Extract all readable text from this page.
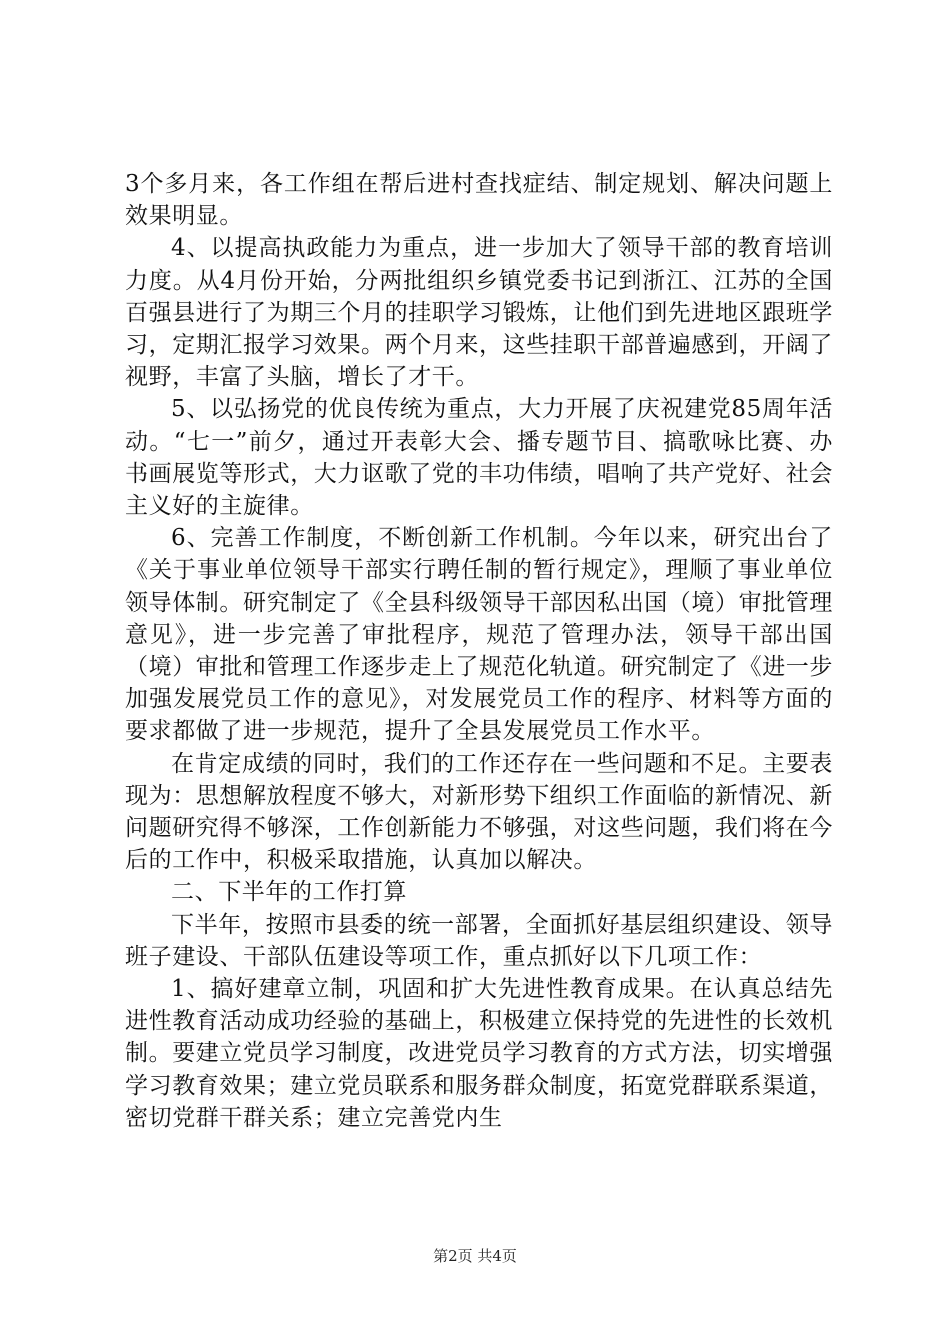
3个多月来，各工作组在帮后进村查找症结、制定规划、解决问题上效果明显。

4、以提高执政能力为重点，进一步加大了领导干部的教育培训力度。从4月份开始，分两批组织乡镇党委书记到浙江、江苏的全国百强县进行了为期三个月的挂职学习锻炼，让他们到先进地区跟班学习，定期汇报学习效果。两个月来，这些挂职干部普遍感到，开阔了视野，丰富了头脑，增长了才干。

5、以弘扬党的优良传统为重点，大力开展了庆祝建党85周年活动。“七一”前夕，通过开表彰大会、播专题节目、搞歌咏比赛、办书画展览等形式，大力讴歌了党的丰功伟绩，唱响了共产党好、社会主义好的主旋律。

6、完善工作制度，不断创新工作机制。今年以来，研究出台了《关于事业单位领导干部实行聘任制的暂行规定》，理顺了事业单位领导体制。研究制定了《全县科级领导干部因私出国（境）审批管理意见》，进一步完善了审批程序，规范了管理办法，领导干部出国（境）审批和管理工作逐步走上了规范化轨道。研究制定了《进一步加强发展党员工作的意见》，对发展党员工作的程序、材料等方面的要求都做了进一步规范，提升了全县发展党员工作水平。

在肯定成绩的同时，我们的工作还存在一些问题和不足。主要表现为：思想解放程度不够大，对新形势下组织工作面临的新情况、新问题研究得不够深，工作创新能力不够强，对这些问题，我们将在今后的工作中，积极采取措施，认真加以解决。

二、下半年的工作打算

下半年，按照市县委的统一部署，全面抓好基层组织建设、领导班子建设、干部队伍建设等项工作，重点抓好以下几项工作：

1、搞好建章立制，巩固和扩大先进性教育成果。在认真总结先进性教育活动成功经验的基础上，积极建立保持党的先进性的长效机制。要建立党员学习制度，改进党员学习教育的方式方法，切实增强学习教育效果；建立党员联系和服务群众制度，拓宽党群联系渠道，密切党群干群关系；建立完善党内生

第2页 共4页
